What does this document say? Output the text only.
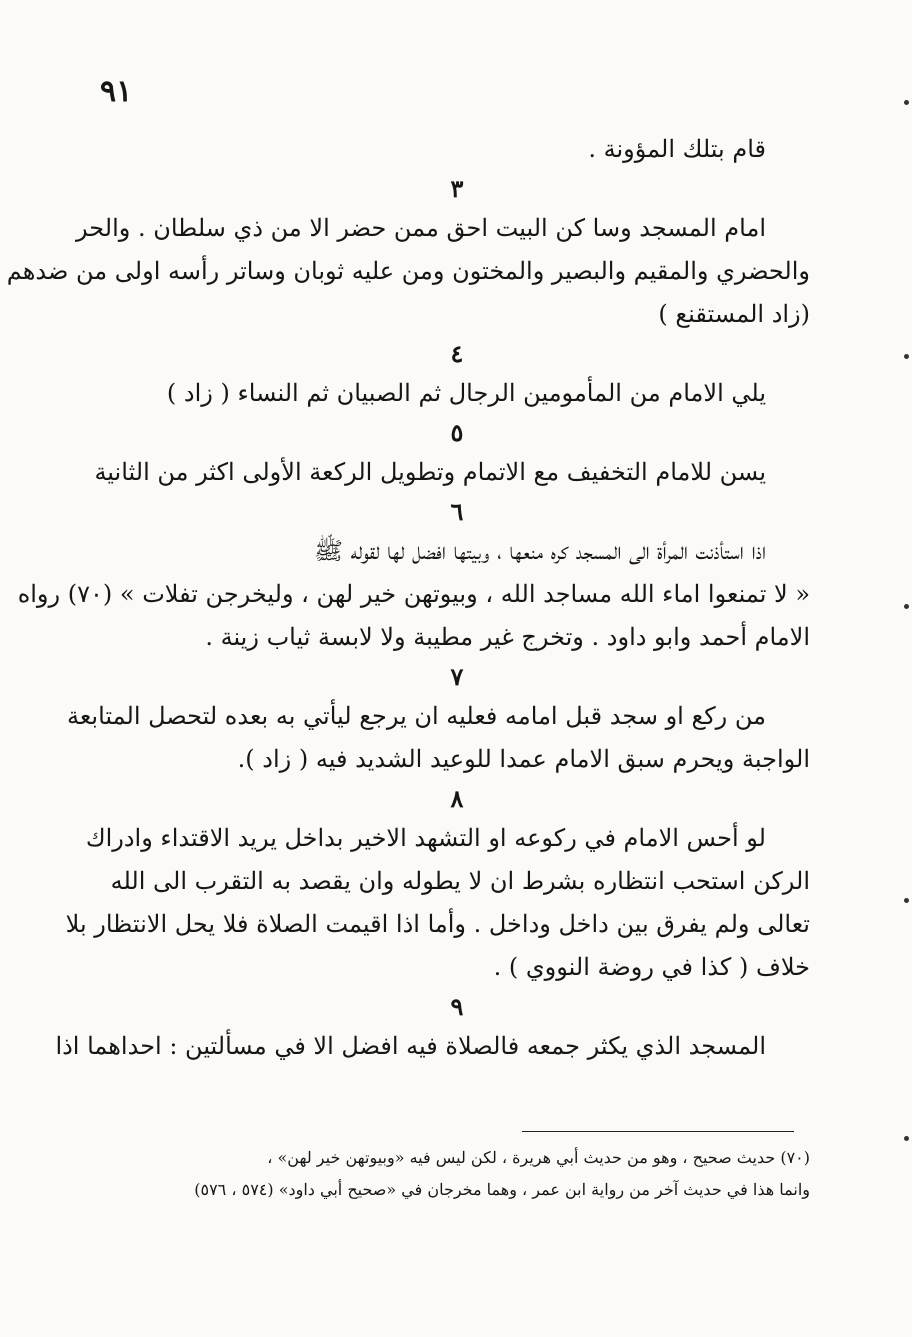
٩١
قام بتلك المؤونة .
٣
امام المسجد وسا كن البيت احق ممن حضر الا من ذي سلطان . والحر
والحضري والمقيم والبصير والمختون ومن عليه ثوبان وساتر رأسه اولى من ضدهم
(زاد المستقنع )
٤
يلي الامام من المأمومين الرجال ثم الصبيان ثم النساء ( زاد )
٥
يسن للامام التخفيف مع الاتمام وتطويل الركعة الأولى اكثر من الثانية
٦
اذا استأذنت المرأة الى المسجد كره منعها ، وبيتها افضل لها لقوله ﷺ
« لا تمنعوا اماء الله مساجد الله ، وبيوتهن خير لهن ، وليخرجن تفلات » (٧٠) رواه
الامام أحمد وابو داود . وتخرج غير مطيبة ولا لابسة ثياب زينة .
٧
من ركع او سجد قبل امامه فعليه ان يرجع ليأتي به بعده لتحصل المتابعة
الواجبة ويحرم سبق الامام عمدا للوعيد الشديد فيه ( زاد ).
٨
لو أحس الامام في ركوعه او التشهد الاخير بداخل يريد الاقتداء وادراك
الركن استحب انتظاره بشرط ان لا يطوله وان يقصد به التقرب الى الله
تعالى ولم يفرق بين داخل وداخل . وأما اذا اقيمت الصلاة فلا يحل الانتظار بلا
خلاف ( كذا في روضة النووي ) .
٩
المسجد الذي يكثر جمعه فالصلاة فيه افضل الا في مسألتين : احداهما اذا
(٧٠) حديث صحيح ، وهو من حديث أبي هريرة ، لكن ليس فيه «وبيوتهن خير لهن» ،
وانما هذا في حديث آخر من رواية ابن عمر ، وهما مخرجان في «صحيح أبي داود» (٥٧٤ ، ٥٧٦)
